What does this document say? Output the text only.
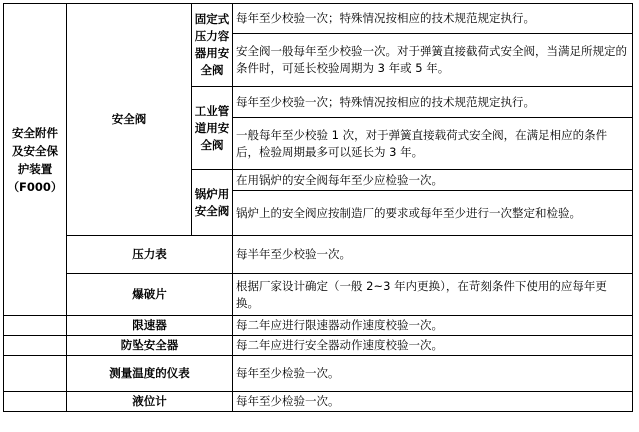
安全附件
及安全保
护装置
（F000）	安全阀	固定式
压力容
器用安
全阀	每年至少校验一次；特殊情况按相应的技术规范规定执行。
			安全阀一般每年至少校验一次。对于弹簧直接截荷式安全阀，当满足所规定的条件时，可延长校验周期为 3 年或 5 年。
		工业管
道用安
全阀	每年至少校验一次；特殊情况按相应的技术规范规定执行。
			一般每年至少校验 1 次，对于弹簧直接载荷式安全阀，在满足相应的条件后，检验周期最多可以延长为 3 年。
		锅炉用
安全阀	在用锅炉的安全阀每年至少应检验一次。
			锅炉上的安全阀应按制造厂的要求或每年至少进行一次整定和检验。
	压力表		每半年至少校验一次。
	爆破片		根据厂家设计确定（一般 2~3 年内更换），在苛刻条件下使用的应每年更换。
	限速器		每二年应进行限速器动作速度校验一次。
	防坠安全器		每二年应进行安全器动作速度校验一次。
	测量温度的仪表		每年至少检验一次。
	液位计		每年至少检验一次。
